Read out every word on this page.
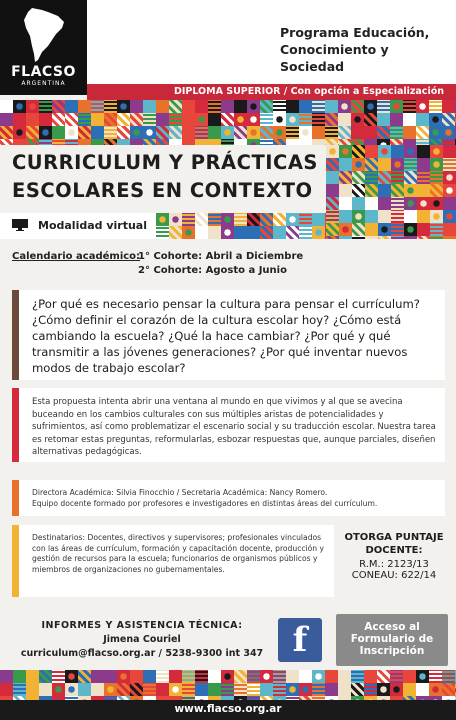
FLACSO
ARGENTINA
Programa Educación,
Conocimiento y Sociedad
DIPLOMA SUPERIOR / Con opción a Especialización
CURRICULUM Y PRÁCTICAS
ESCOLARES EN CONTEXTO
Modalidad virtual
Calendario académico:
1° Cohorte: Abril a Diciembre
2° Cohorte: Agosto a Junio
¿Por qué es necesario pensar la cultura para pensar el currículum? ¿Cómo definir el corazón de la cultura escolar hoy? ¿Cómo está cambiando la escuela? ¿Qué la hace cambiar? ¿Por qué y qué transmitir a las jóvenes generaciones? ¿Por qué inventar nuevos modos de trabajo escolar?
Esta propuesta intenta abrir una ventana al mundo en que vivimos y al que se avecina buceando en los cambios culturales con sus múltiples aristas de potencialidades y sufrimientos, así como problematizar el escenario social y su traducción escolar. Nuestra tarea es retomar estas preguntas, reformularlas, esbozar respuestas que, aunque parciales, diseñen alternativas pedagógicas.
Directora Académica: Silvia Finocchio / Secretaria Académica: Nancy Romero.
Equipo docente formado por profesores e investigadores en distintas áreas del currículum.
Destinatarios: Docentes, directivos y supervisores; profesionales vinculados con las áreas de currículum, formación y capacitación docente, producción y gestión de recursos para la escuela; funcionarios de organismos públicos y miembros de organizaciones no gubernamentales.
OTORGA PUNTAJE
DOCENTE:
R.M.: 2123/13
CONEAU: 622/14
INFORMES Y ASISTENCIA TÉCNICA:
Jimena Couriel
curriculum@flacso.org.ar / 5238-9300 int 347 f	Acceso al
Formulario de
Inscripción
www.flacso.org.ar
